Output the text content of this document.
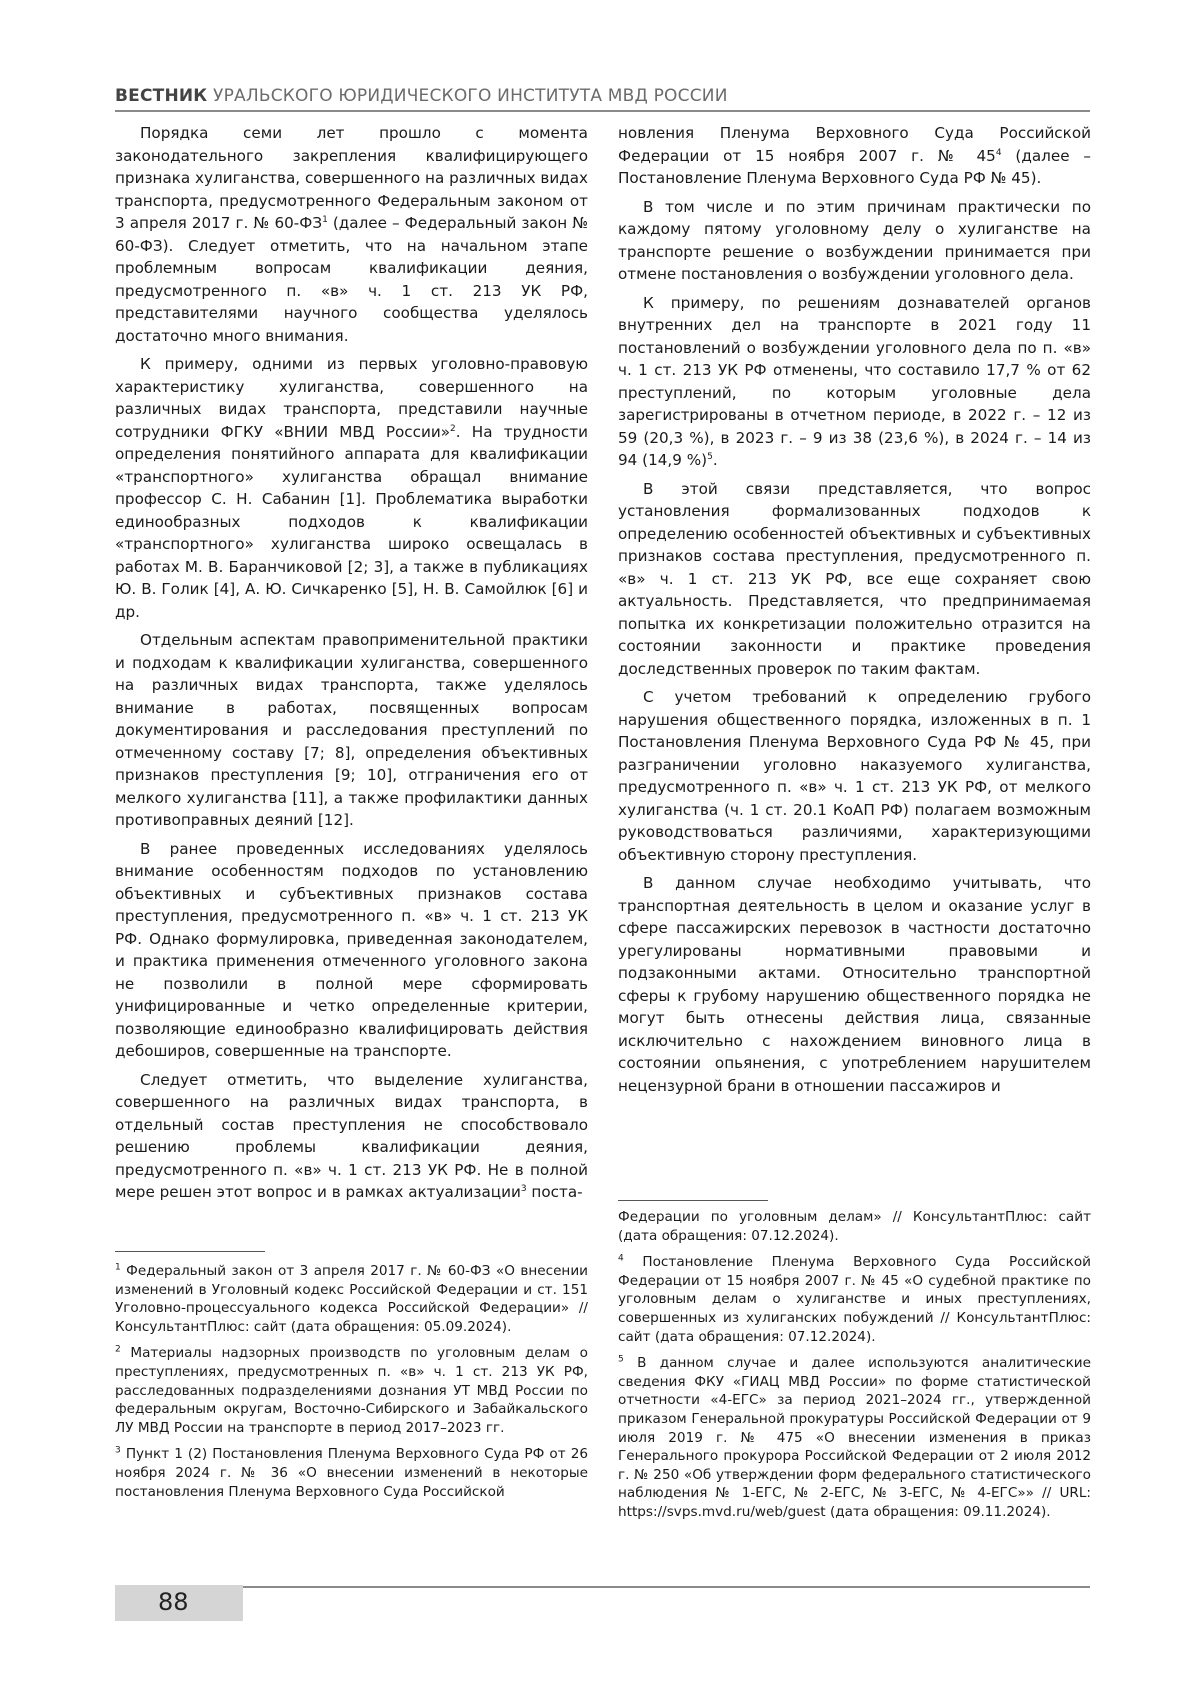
ВЕСТНИК УРАЛЬСКОГО ЮРИДИЧЕСКОГО ИНСТИТУТА МВД РОССИИ

Порядка семи лет прошло с момента законодательного закрепления квалифицирующего признака хулиганства, совершенного на различных видах транспорта, предусмотренного Федеральным законом от 3 апреля 2017 г. № $60-ФЗ^1$ (далее – Федеральный закон № 60-ФЗ). Следует отметить, что на начальном этапе проблемным вопросам квалификации деяния, предусмотренного п. «в» ч. 1 ст. 213 УК РФ, представителями научного сообщества уделялось достаточно много внимания.

К примеру, одними из первых уголовно-правовую характеристику хулиганства, совершенного на различных видах транспорта, представили научные сотрудники ФГКУ «ВНИИ МВД России»$^2$. На трудности определения понятийного аппарата для квалификации «транспортного» хулиганства обращал внимание профессор С. Н. Сабанин [1]. Проблематика выработки единообразных подходов к квалификации «транспортного» хулиганства широко освещалась в работах М. В. Баранчиковой [2; 3], а также в публикациях Ю. В. Голик [4], А. Ю. Сичкаренко [5], Н. В. Самойлюк [6] и др.

Отдельным аспектам правоприменительной практики и подходам к квалификации хулиганства, совершенного на различных видах транспорта, также уделялось внимание в работах, посвященных вопросам документирования и расследования преступлений по отмеченному составу [7; 8], определения объективных признаков преступления [9; 10], отграничения его от мелкого хулиганства [11], а также профилактики данных противоправных деяний [12].

В ранее проведенных исследованиях уделялось внимание особенностям подходов по установлению объективных и субъективных признаков состава преступления, предусмотренного п. «в» ч. 1 ст. 213 УК РФ. Однако формулировка, приведенная законодателем, и практика применения отмеченного уголовного закона не позволили в полной мере сформировать унифицированные и четко определенные критерии, позволяющие единообразно квалифицировать действия дебоширов, совершенные на транспорте.

Следует отметить, что выделение хулиганства, совершенного на различных видах транспорта, в отдельный состав преступления не способствовало решению проблемы квалификации деяния, предусмотренного п. «в» ч. 1 ст. 213 УК РФ. Не в полной мере решен этот вопрос и в рамках актуализации$^3$ поста-

новления Пленума Верховного Суда Российской Федерации от 15 ноября 2007 г. № $45^4$ (далее – Постановление Пленума Верховного Суда РФ № 45).

В том числе и по этим причинам практически по каждому пятому уголовному делу о хулиганстве на транспорте решение о возбуждении принимается при отмене постановления о возбуждении уголовного дела.

К примеру, по решениям дознавателей органов внутренних дел на транспорте в 2021 году 11 постановлений о возбуждении уголовного дела по п. «в» ч. 1 ст. 213 УК РФ отменены, что составило 17,7 % от 62 преступлений, по которым уголовные дела зарегистрированы в отчетном периоде, в 2022 г. – 12 из 59 (20,3 %), в 2023 г. – 9 из 38 (23,6 %), в 2024 г. – 14 из 94 (14,9 %)$^5$.

В этой связи представляется, что вопрос установления формализованных подходов к определению особенностей объективных и субъективных признаков состава преступления, предусмотренного п. «в» ч. 1 ст. 213 УК РФ, все еще сохраняет свою актуальность. Представляется, что предпринимаемая попытка их конкретизации положительно отразится на состоянии законности и практике проведения доследственных проверок по таким фактам.

С учетом требований к определению грубого нарушения общественного порядка, изложенных в п. 1 Постановления Пленума Верховного Суда РФ № 45, при разграничении уголовно наказуемого хулиганства, предусмотренного п. «в» ч. 1 ст. 213 УК РФ, от мелкого хулиганства (ч. 1 ст. 20.1 КоАП РФ) полагаем возможным руководствоваться различиями, характеризующими объективную сторону преступления.

В данном случае необходимо учитывать, что транспортная деятельность в целом и оказание услуг в сфере пассажирских перевозок в частности достаточно урегулированы нормативными правовыми и подзаконными актами. Относительно транспортной сферы к грубому нарушению общественного порядка не могут быть отнесены действия лица, связанные исключительно с нахождением виновного лица в состоянии опьянения, с употреблением нарушителем нецензурной брани в отношении пассажиров и

$^1$ Федеральный закон от 3 апреля 2017 г. № 60-ФЗ «О внесении изменений в Уголовный кодекс Российской Федерации и ст. 151 Уголовно-процессуального кодекса Российской Федерации» // КонсультантПлюс: сайт (дата обращения: 05.09.2024).

$^2$ Материалы надзорных производств по уголовным делам о преступлениях, предусмотренных п. «в» ч. 1 ст. 213 УК РФ, расследованных подразделениями дознания УТ МВД России по федеральным округам, Восточно-Сибирского и Забайкальского ЛУ МВД России на транспорте в период 2017–2023 гг.

$^3$ Пункт 1 (2) Постановления Пленума Верховного Суда РФ от 26 ноября 2024 г. № 36 «О внесении изменений в некоторые постановления Пленума Верховного Суда Российской

Федерации по уголовным делам» // КонсультантПлюс: сайт (дата обращения: 07.12.2024).

$^4$ Постановление Пленума Верховного Суда Российской Федерации от 15 ноября 2007 г. № 45 «О судебной практике по уголовным делам о хулиганстве и иных преступлениях, совершенных из хулиганских побуждений // КонсультантПлюс: сайт (дата обращения: 07.12.2024).

$^5$ В данном случае и далее используются аналитические сведения ФКУ «ГИАЦ МВД России» по форме статистической отчетности «4-ЕГС» за период 2021–2024 гг., утвержденной приказом Генеральной прокуратуры Российской Федерации от 9 июля 2019 г. № 475 «О внесении изменения в приказ Генерального прокурора Российской Федерации от 2 июля 2012 г. № 250 «Об утверждении форм федерального статистического наблюдения № 1-ЕГС, № 2-ЕГС, № 3-ЕГС, № 4-ЕГС»» // URL: https://svps.mvd.ru/web/guest (дата обращения: 09.11.2024).

88
